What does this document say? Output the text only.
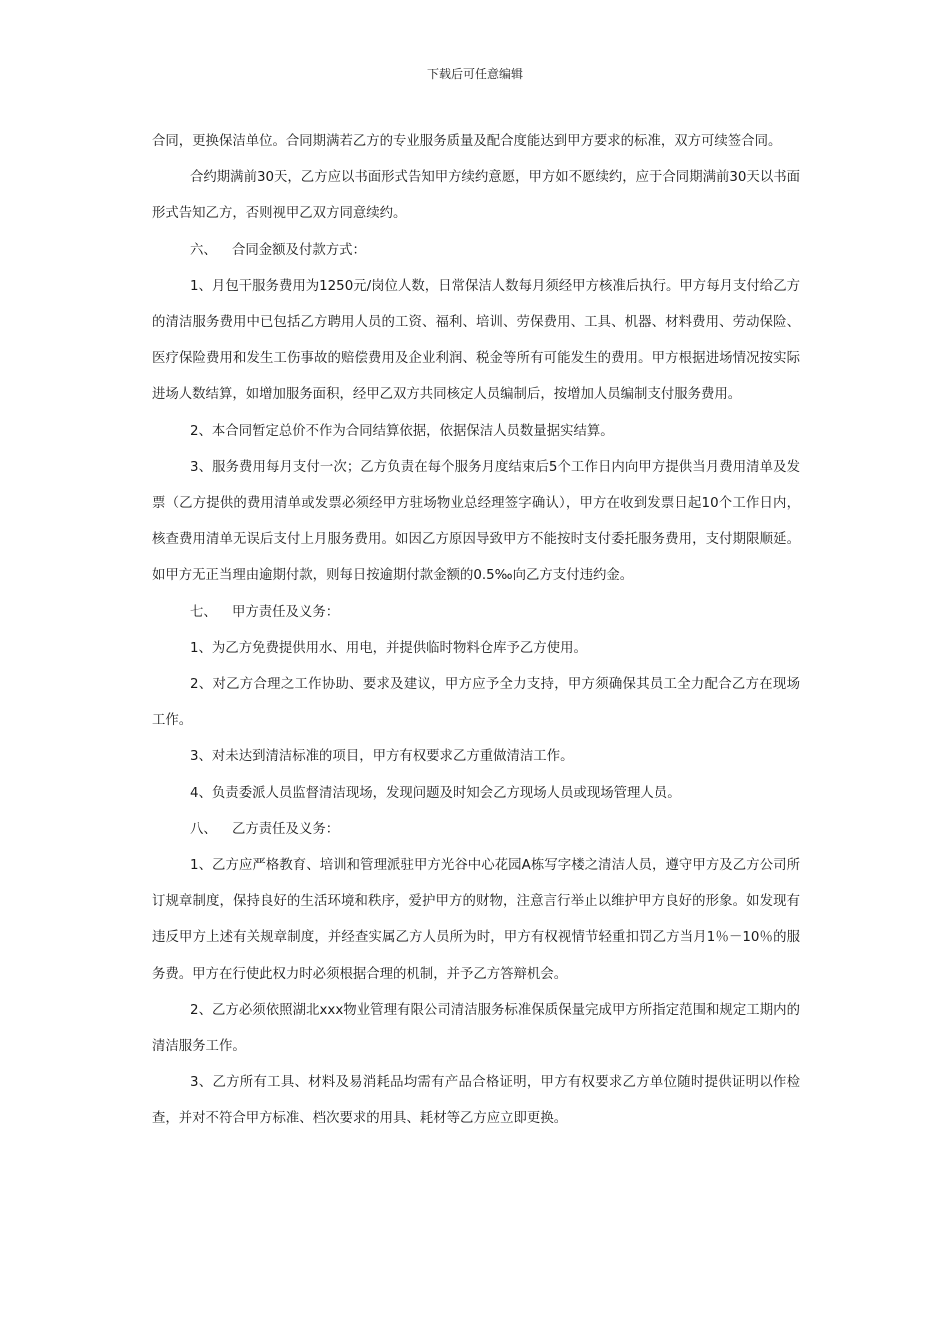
下载后可任意编辑

合同，更换保洁单位。合同期满若乙方的专业服务质量及配合度能达到甲方要求的标准，双方可续签合同。

合约期满前30天，乙方应以书面形式告知甲方续约意愿，甲方如不愿续约，应于合同期满前30天以书面形式告知乙方，否则视甲乙双方同意续约。

六、 合同金额及付款方式：

1、月包干服务费用为1250元/岗位人数，日常保洁人数每月须经甲方核准后执行。甲方每月支付给乙方的清洁服务费用中已包括乙方聘用人员的工资、福利、培训、劳保费用、工具、机器、材料费用、劳动保险、医疗保险费用和发生工伤事故的赔偿费用及企业利润、税金等所有可能发生的费用。甲方根据进场情况按实际进场人数结算，如增加服务面积，经甲乙双方共同核定人员编制后，按增加人员编制支付服务费用。

2、本合同暂定总价不作为合同结算依据，依据保洁人员数量据实结算。

3、服务费用每月支付一次；乙方负责在每个服务月度结束后5个工作日内向甲方提供当月费用清单及发票（乙方提供的费用清单或发票必须经甲方驻场物业总经理签字确认），甲方在收到发票日起10个工作日内，核查费用清单无误后支付上月服务费用。如因乙方原因导致甲方不能按时支付委托服务费用，支付期限顺延。如甲方无正当理由逾期付款，则每日按逾期付款金额的0.5‰向乙方支付违约金。

七、 甲方责任及义务：

1、为乙方免费提供用水、用电，并提供临时物料仓库予乙方使用。

2、对乙方合理之工作协助、要求及建议，甲方应予全力支持，甲方须确保其员工全力配合乙方在现场工作。

3、对未达到清洁标准的项目，甲方有权要求乙方重做清洁工作。

4、负责委派人员监督清洁现场，发现问题及时知会乙方现场人员或现场管理人员。

八、 乙方责任及义务：

1、乙方应严格教育、培训和管理派驻甲方光谷中心花园A栋写字楼之清洁人员，遵守甲方及乙方公司所订规章制度，保持良好的生活环境和秩序，爱护甲方的财物，注意言行举止以维护甲方良好的形象。如发现有违反甲方上述有关规章制度，并经查实属乙方人员所为时，甲方有权视情节轻重扣罚乙方当月1％－10％的服务费。甲方在行使此权力时必须根据合理的机制，并予乙方答辩机会。

2、乙方必须依照湖北xxx物业管理有限公司清洁服务标准保质保量完成甲方所指定范围和规定工期内的清洁服务工作。

3、乙方所有工具、材料及易消耗品均需有产品合格证明，甲方有权要求乙方单位随时提供证明以作检查，并对不符合甲方标准、档次要求的用具、耗材等乙方应立即更换。
